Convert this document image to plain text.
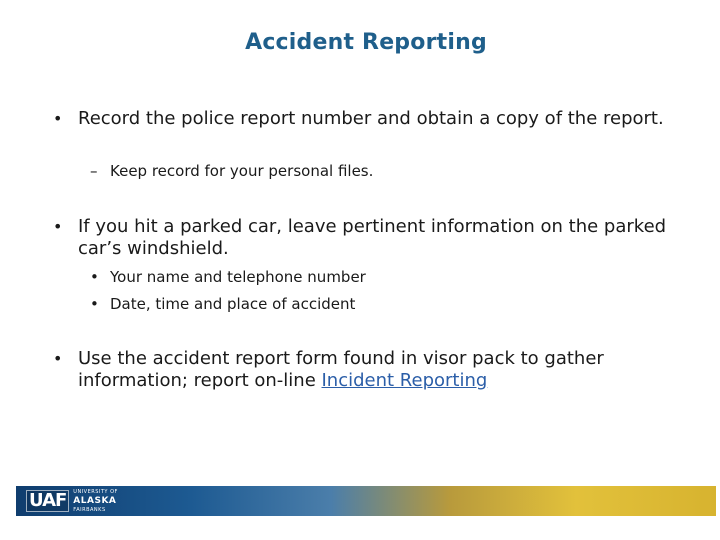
Accident Reporting
• Record the police report number and obtain a copy of the report.
– Keep record for your personal files.
• If you hit a parked car, leave pertinent information on the parked car’s windshield.
• Your name and telephone number
• Date, time and place of accident
• Use the accident report form found in visor pack to gather information; report on-line Incident Reporting
UAF	UNIVERSITY OF
ALASKA
FAIRBANKS
